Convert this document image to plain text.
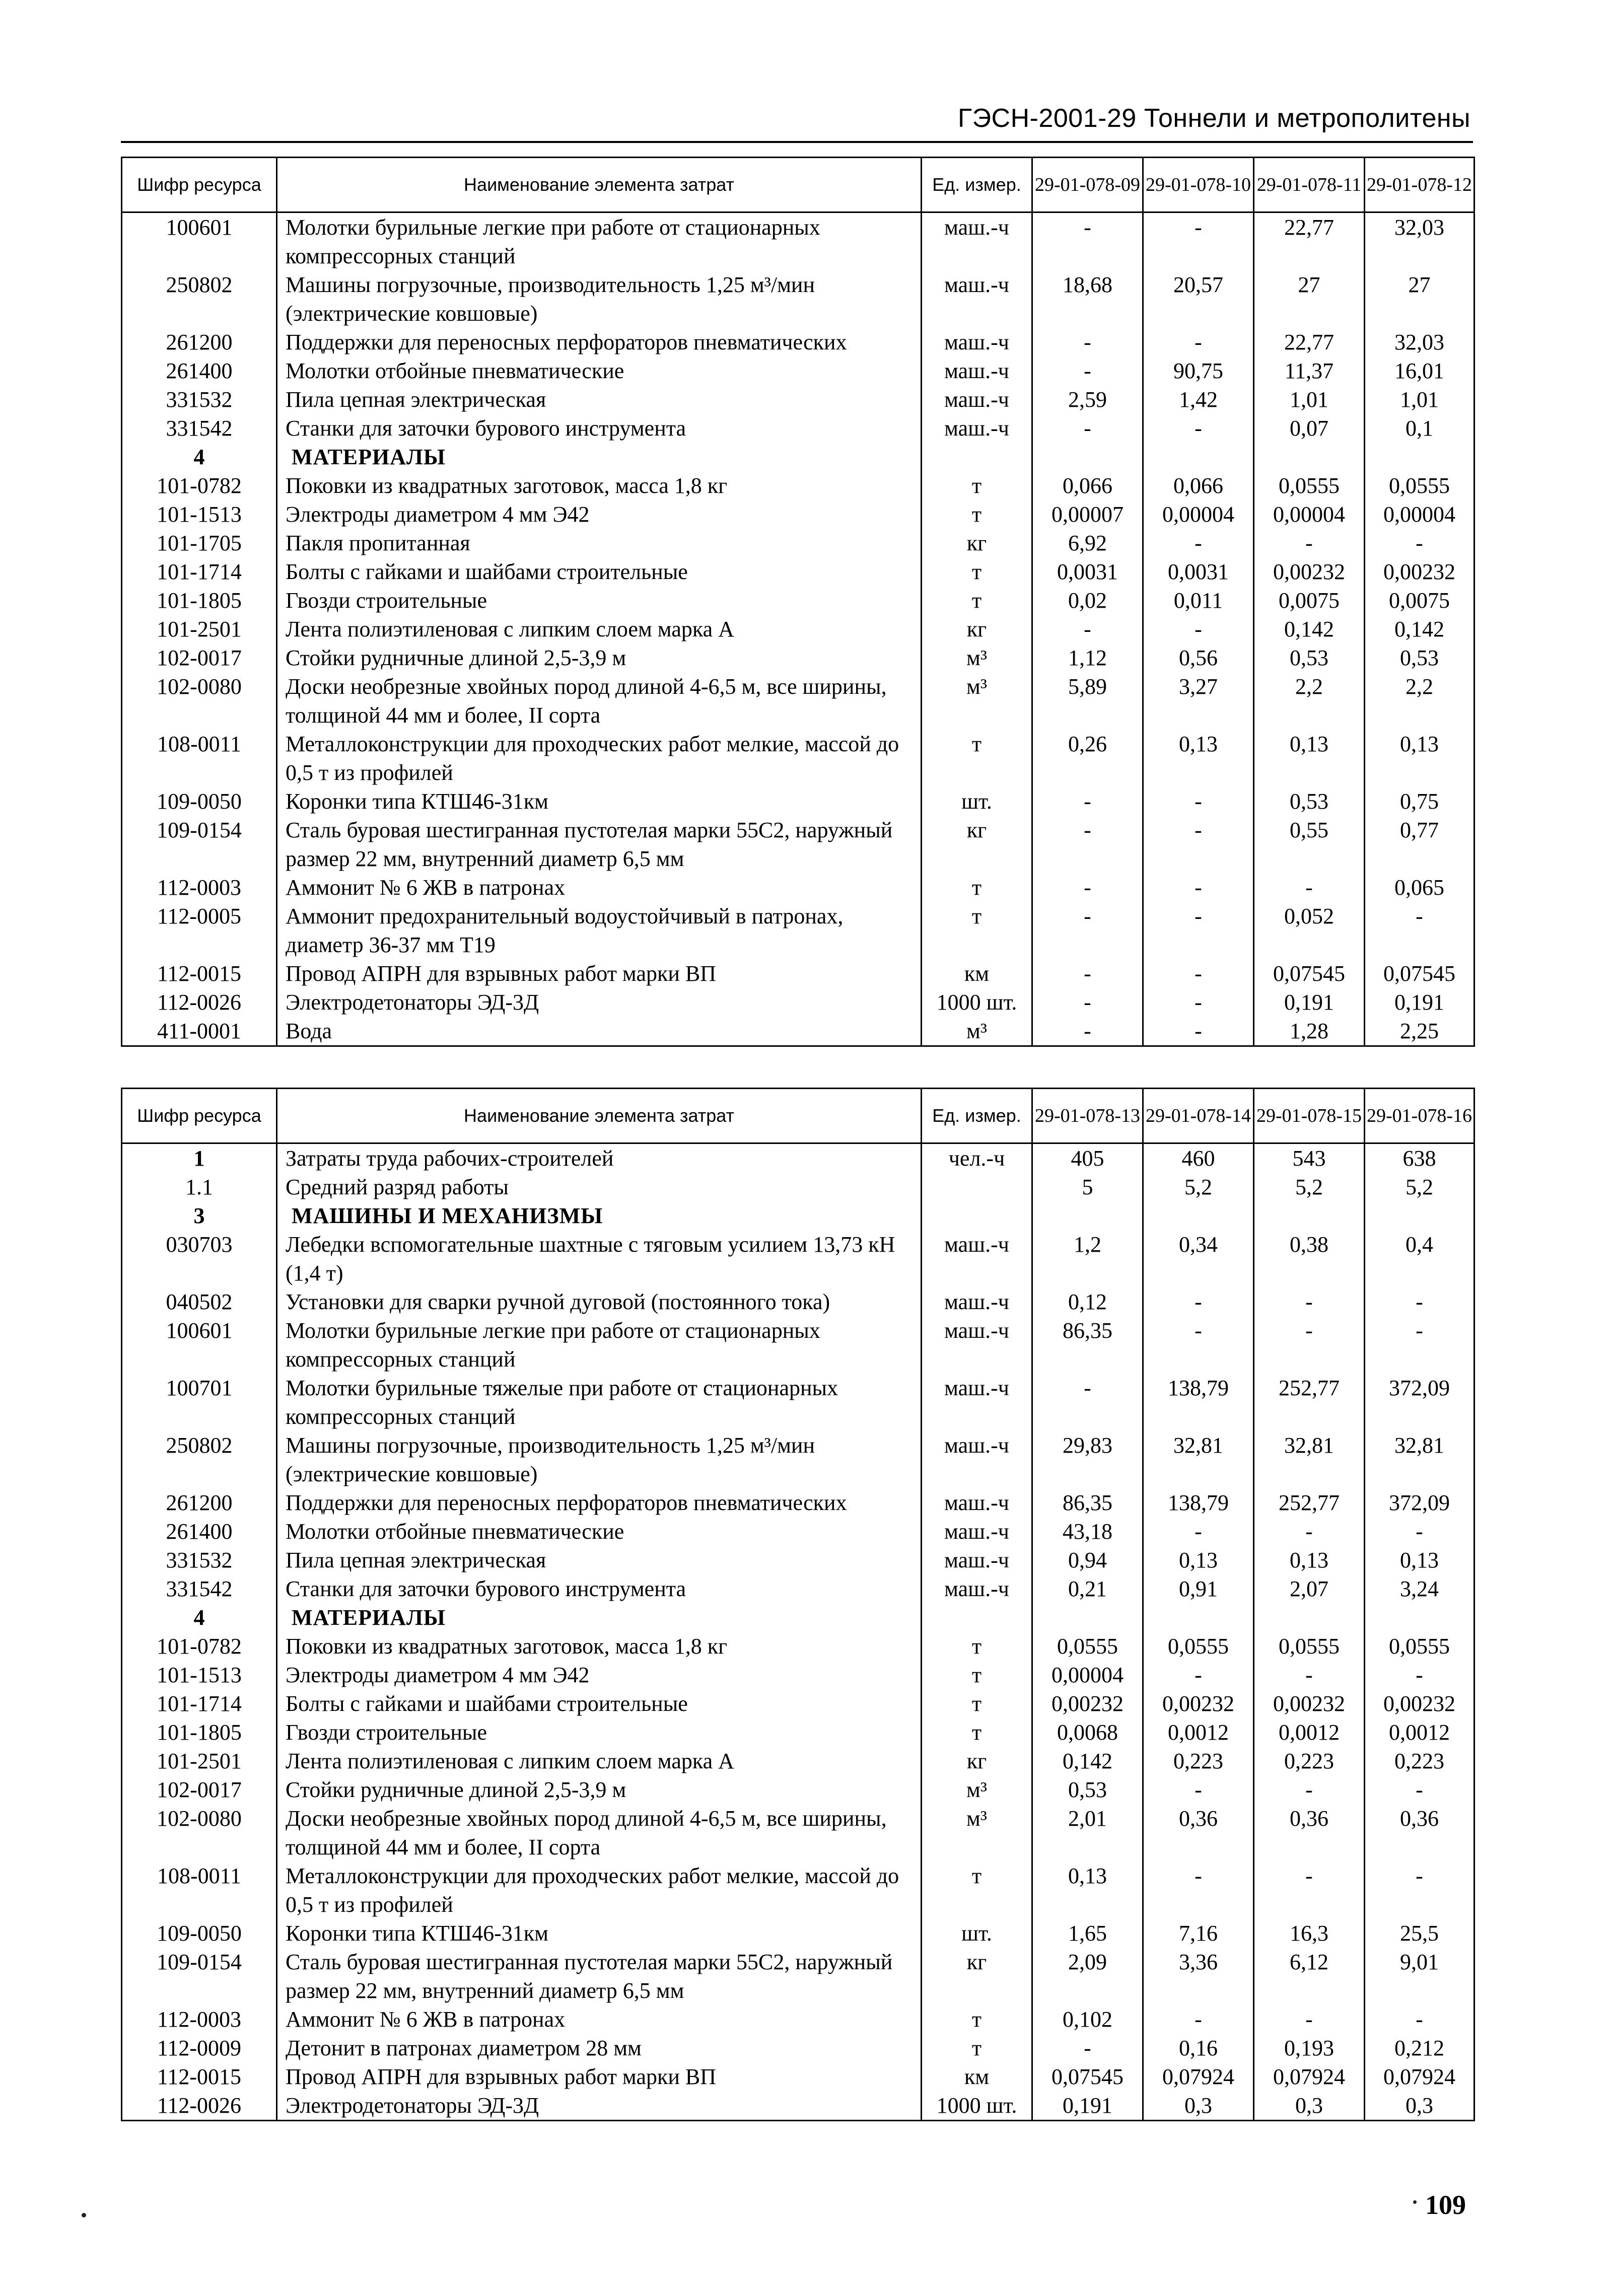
ГЭСН-2001-29 Тоннели и метрополитены
Шифр ресурса	Наименование элемента затрат	Ед. измер.	29-01-078-09	29-01-078-10	29-01-078-11	29-01-078-12
100601	Молотки бурильные легкие при работе от стационарных компрессорных станций	маш.-ч	-	-	22,77	32,03
250802	Машины погрузочные, производительность 1,25 м³/мин (электрические ковшовые)	маш.-ч	18,68	20,57	27	27
261200	Поддержки для переносных перфораторов пневматических	маш.-ч	-	-	22,77	32,03
261400	Молотки отбойные пневматические	маш.-ч	-	90,75	11,37	16,01
331532	Пила цепная электрическая	маш.-ч	2,59	1,42	1,01	1,01
331542	Станки для заточки бурового инструмента	маш.-ч	-	-	0,07	0,1
4	МАТЕРИАЛЫ					
101-0782	Поковки из квадратных заготовок, масса 1,8 кг	т	0,066	0,066	0,0555	0,0555
101-1513	Электроды диаметром 4 мм Э42	т	0,00007	0,00004	0,00004	0,00004
101-1705	Пакля пропитанная	кг	6,92	-	-	-
101-1714	Болты с гайками и шайбами строительные	т	0,0031	0,0031	0,00232	0,00232
101-1805	Гвозди строительные	т	0,02	0,011	0,0075	0,0075
101-2501	Лента полиэтиленовая с липким слоем марка А	кг	-	-	0,142	0,142
102-0017	Стойки рудничные длиной 2,5-3,9 м	м³	1,12	0,56	0,53	0,53
102-0080	Доски необрезные хвойных пород длиной 4-6,5 м, все ширины, толщиной 44 мм и более, II сорта	м³	5,89	3,27	2,2	2,2
108-0011	Металлоконструкции для проходческих работ мелкие, массой до 0,5 т из профилей	т	0,26	0,13	0,13	0,13
109-0050	Коронки типа КТШ46-31км	шт.	-	-	0,53	0,75
109-0154	Сталь буровая шестигранная пустотелая марки 55С2, наружный размер 22 мм, внутренний диаметр 6,5 мм	кг	-	-	0,55	0,77
112-0003	Аммонит № 6 ЖВ в патронах	т	-	-	-	0,065
112-0005	Аммонит предохранительный водоустойчивый в патронах, диаметр 36-37 мм Т19	т	-	-	0,052	-
112-0015	Провод АПРН для взрывных работ марки ВП	км	-	-	0,07545	0,07545
112-0026	Электродетонаторы ЭД-3Д	1000 шт.	-	-	0,191	0,191
411-0001	Вода	м³	-	-	1,28	2,25
Шифр ресурса	Наименование элемента затрат	Ед. измер.	29-01-078-13	29-01-078-14	29-01-078-15	29-01-078-16
1	Затраты труда рабочих-строителей	чел.-ч	405	460	543	638
1.1	Средний разряд работы		5	5,2	5,2	5,2
3	МАШИНЫ И МЕХАНИЗМЫ					
030703	Лебедки вспомогательные шахтные с тяговым усилием 13,73 кН (1,4 т)	маш.-ч	1,2	0,34	0,38	0,4
040502	Установки для сварки ручной дуговой (постоянного тока)	маш.-ч	0,12	-	-	-
100601	Молотки бурильные легкие при работе от стационарных компрессорных станций	маш.-ч	86,35	-	-	-
100701	Молотки бурильные тяжелые при работе от стационарных компрессорных станций	маш.-ч	-	138,79	252,77	372,09
250802	Машины погрузочные, производительность 1,25 м³/мин (электрические ковшовые)	маш.-ч	29,83	32,81	32,81	32,81
261200	Поддержки для переносных перфораторов пневматических	маш.-ч	86,35	138,79	252,77	372,09
261400	Молотки отбойные пневматические	маш.-ч	43,18	-	-	-
331532	Пила цепная электрическая	маш.-ч	0,94	0,13	0,13	0,13
331542	Станки для заточки бурового инструмента	маш.-ч	0,21	0,91	2,07	3,24
4	МАТЕРИАЛЫ					
101-0782	Поковки из квадратных заготовок, масса 1,8 кг	т	0,0555	0,0555	0,0555	0,0555
101-1513	Электроды диаметром 4 мм Э42	т	0,00004	-	-	-
101-1714	Болты с гайками и шайбами строительные	т	0,00232	0,00232	0,00232	0,00232
101-1805	Гвозди строительные	т	0,0068	0,0012	0,0012	0,0012
101-2501	Лента полиэтиленовая с липким слоем марка А	кг	0,142	0,223	0,223	0,223
102-0017	Стойки рудничные длиной 2,5-3,9 м	м³	0,53	-	-	-
102-0080	Доски необрезные хвойных пород длиной 4-6,5 м, все ширины, толщиной 44 мм и более, II сорта	м³	2,01	0,36	0,36	0,36
108-0011	Металлоконструкции для проходческих работ мелкие, массой до 0,5 т из профилей	т	0,13	-	-	-
109-0050	Коронки типа КТШ46-31км	шт.	1,65	7,16	16,3	25,5
109-0154	Сталь буровая шестигранная пустотелая марки 55С2, наружный размер 22 мм, внутренний диаметр 6,5 мм	кг	2,09	3,36	6,12	9,01
112-0003	Аммонит № 6 ЖВ в патронах	т	0,102	-	-	-
112-0009	Детонит в патронах диаметром 28 мм	т	-	0,16	0,193	0,212
112-0015	Провод АПРН для взрывных работ марки ВП	км	0,07545	0,07924	0,07924	0,07924
112-0026	Электродетонаторы ЭД-3Д	1000 шт.	0,191	0,3	0,3	0,3
109
